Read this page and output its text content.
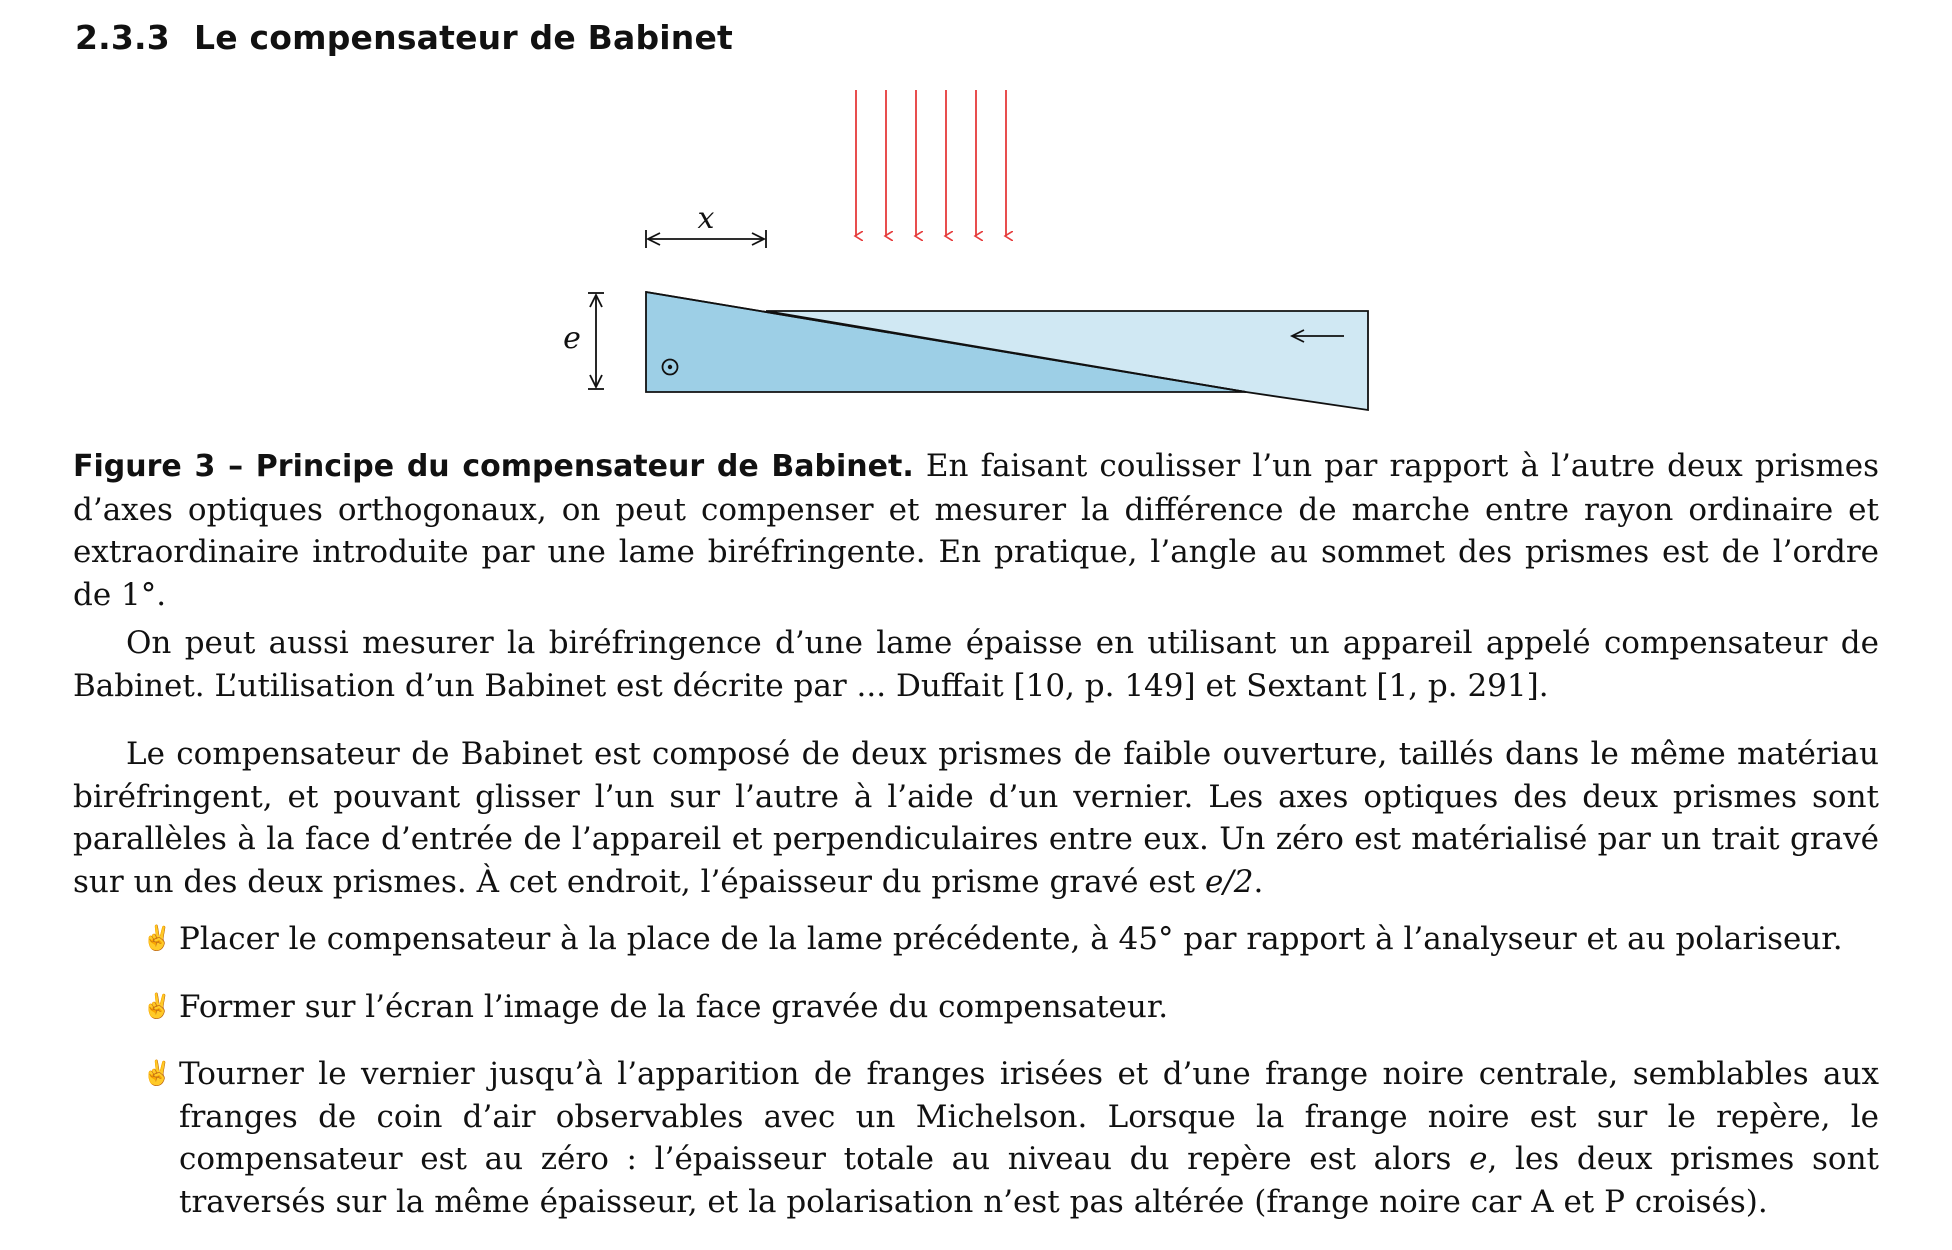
2.3.3 Le compensateur de Babinet
x
e
Figure 3 – Principe du compensateur de Babinet. En faisant coulisser l’un par rapport à l’autre deux prismes d’axes optiques orthogonaux, on peut compenser et mesurer la différence de marche entre rayon ordinaire et extraordinaire introduite par une lame biréfringente. En pratique, l’angle au sommet des prismes est de l’ordre de 1°.

On peut aussi mesurer la biréfringence d’une lame épaisse en utilisant un appareil appelé compensateur de Babinet. L’utilisation d’un Babinet est décrite par ... Duffait [10, p. 149] et Sextant [1, p. 291].

Le compensateur de Babinet est composé de deux prismes de faible ouverture, taillés dans le même matériau biréfringent, et pouvant glisser l’un sur l’autre à l’aide d’un vernier. Les axes optiques des deux prismes sont parallèles à la face d’entrée de l’appareil et perpendiculaires entre eux. Un zéro est matérialisé par un trait gravé sur un des deux prismes. À cet endroit, l’épaisseur du prisme gravé est e/2.

✌ Placer le compensateur à la place de la lame précédente, à 45° par rapport à l’analyseur et au polariseur.
✌ Former sur l’écran l’image de la face gravée du compensateur.
✌ Tourner le vernier jusqu’à l’apparition de franges irisées et d’une frange noire centrale, semblables aux franges de coin d’air observables avec un Michelson. Lorsque la frange noire est sur le repère, le compensateur est au zéro : l’épaisseur totale au niveau du repère est alors e, les deux prismes sont traversés sur la même épaisseur, et la polarisation n’est pas altérée (frange noire car A et P croisés).
